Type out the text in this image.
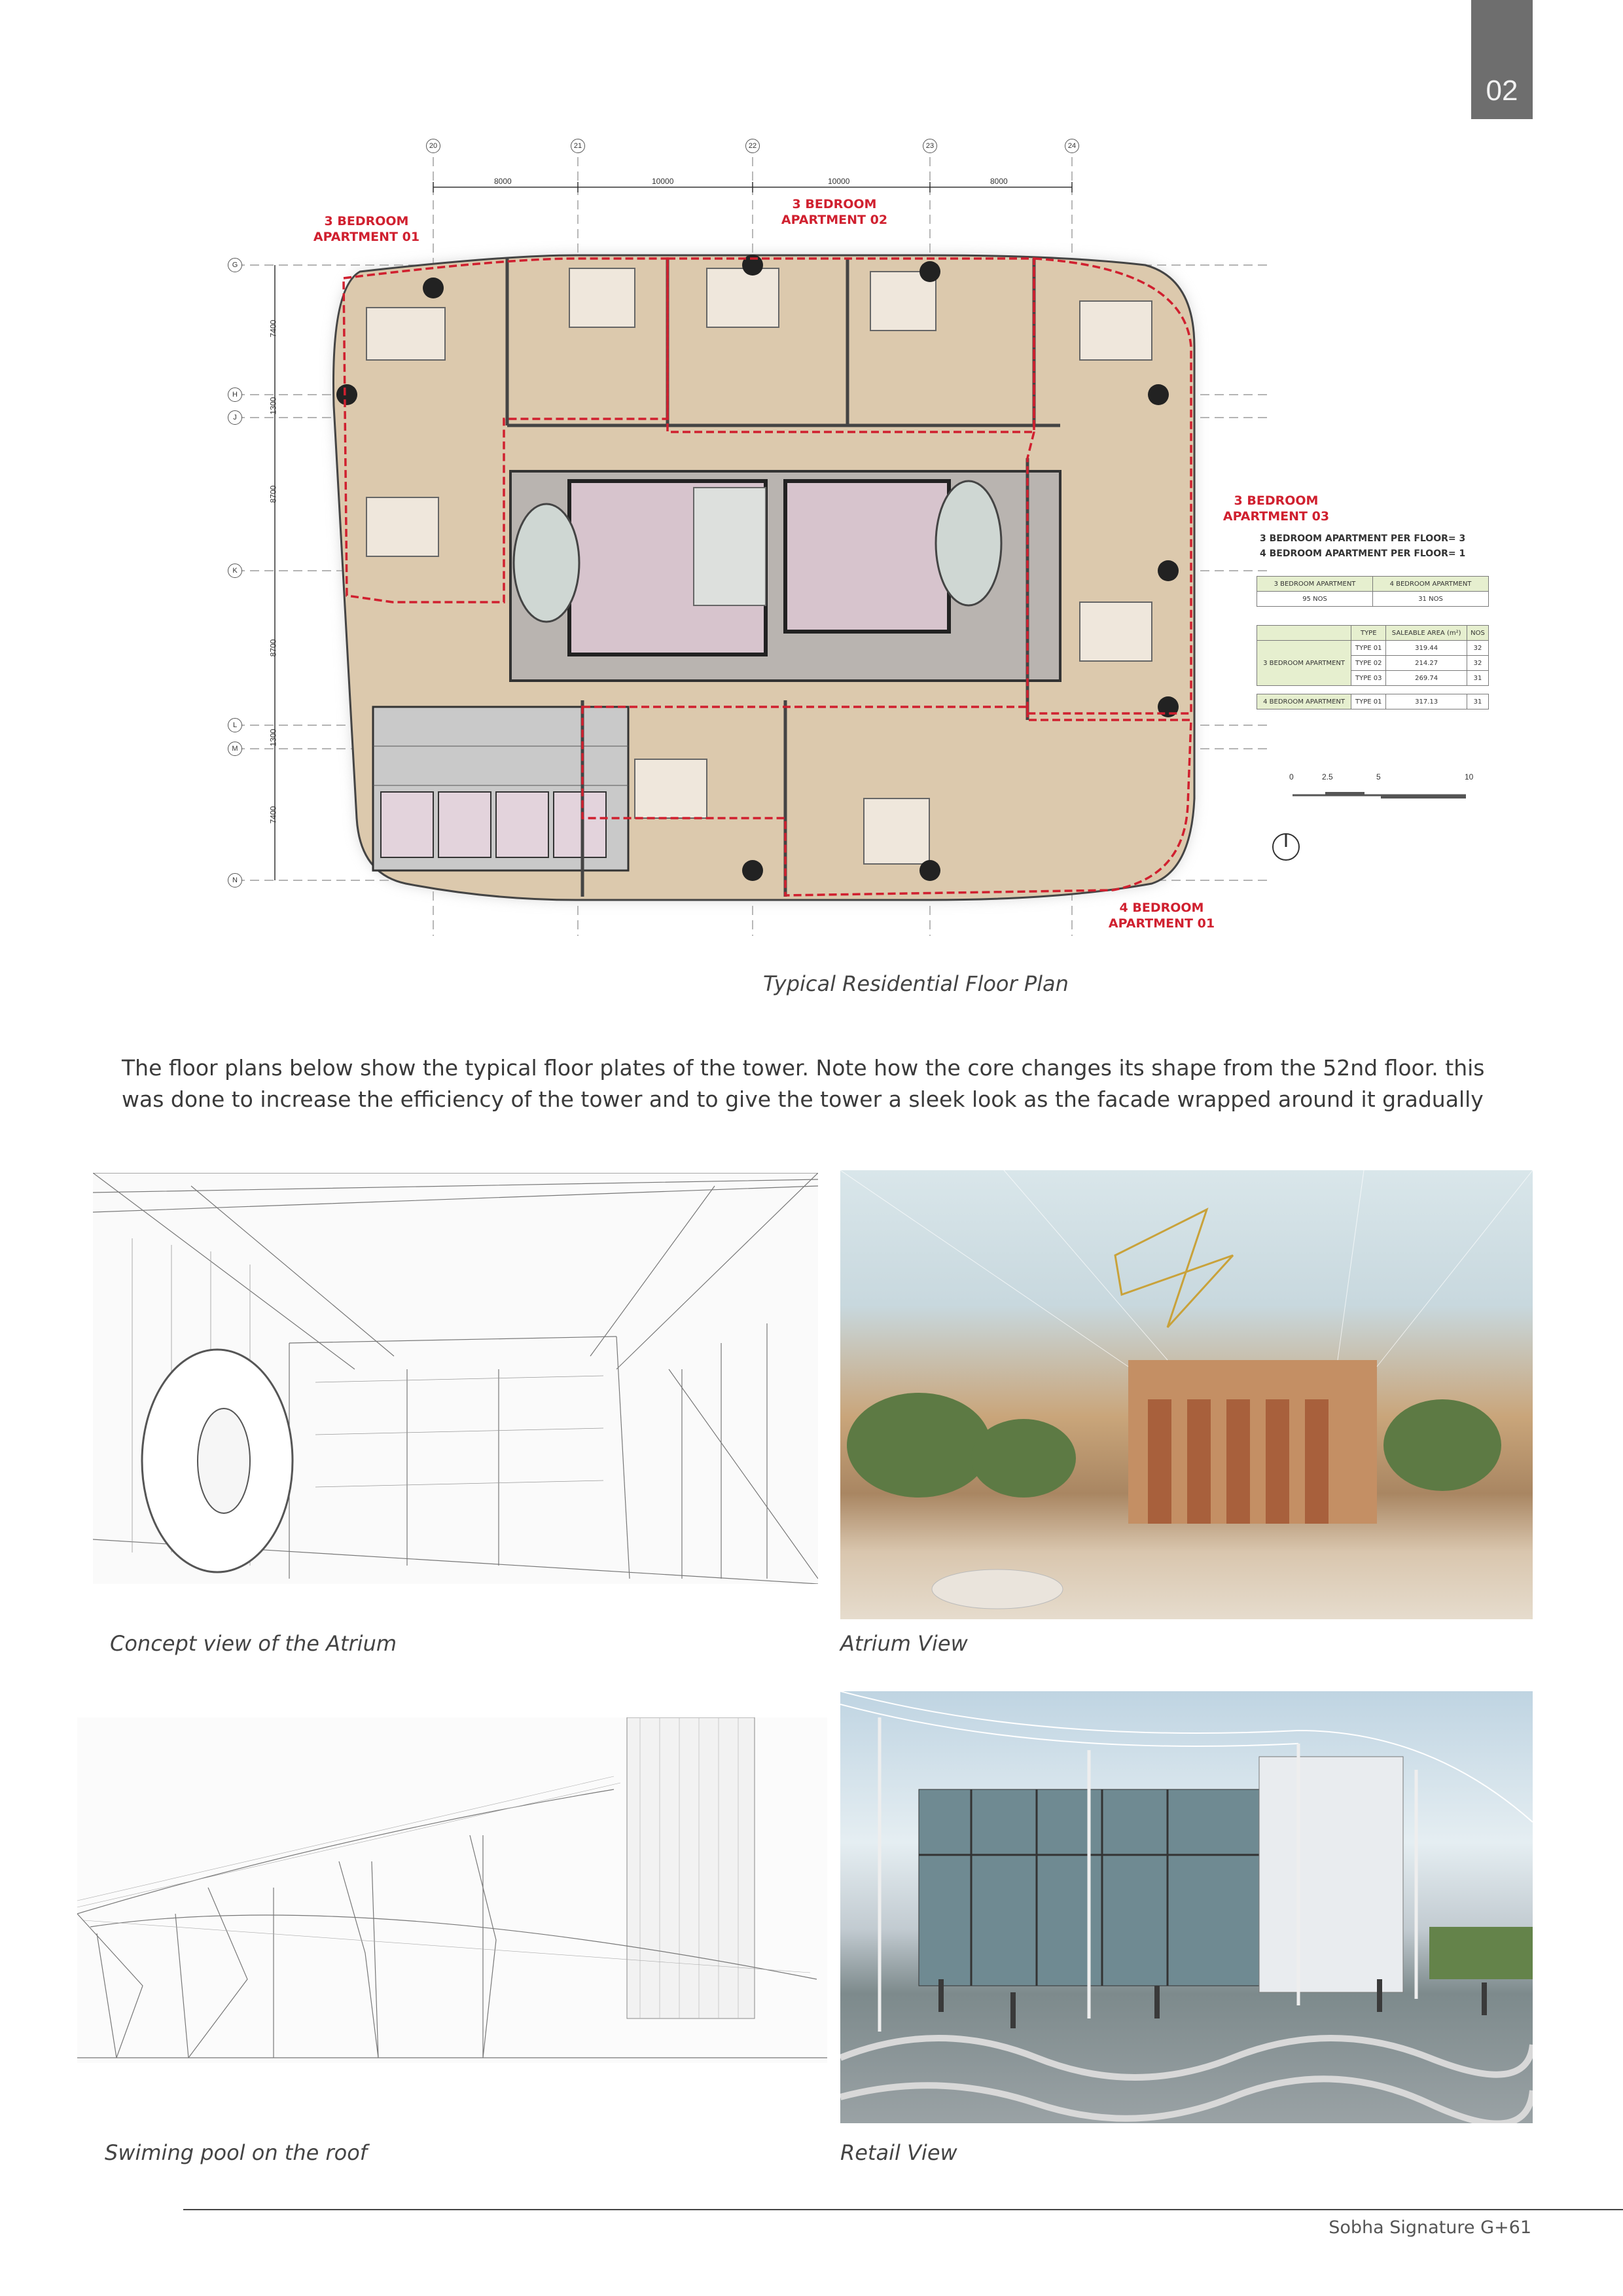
02
20	21	22	23	24
G
H
J
K
L
M
N
8000	10000	10000	8000
7400
1300
8700
8700
1300
7400
3 BEDROOM
APARTMENT 01
3 BEDROOM
APARTMENT 02
3 BEDROOM
APARTMENT 03
4 BEDROOM
APARTMENT 01
3 BEDROOM APARTMENT PER FLOOR= 3
4 BEDROOM APARTMENT PER FLOOR= 1
3 BEDROOM APARTMENT	4 BEDROOM APARTMENT
95 NOS	31 NOS
	TYPE	SALEABLE AREA (m²)	NOS
3 BEDROOM APARTMENT	TYPE 01	319.44	32
	TYPE 02	214.27	32
	TYPE 03	269.74	31

4 BEDROOM APARTMENT	TYPE 01	317.13	31
0	2.5	5	10
Typical Residential Floor Plan
The floor plans below show the typical floor plates of the tower. Note how the core changes its shape from the 52nd floor. this was done to increase the efficiency of the tower and to give the tower a sleek look as the facade wrapped around it gradually
Concept view of the Atrium	Atrium View
Swiming pool on the roof	Retail View
Sobha Signature G+61
